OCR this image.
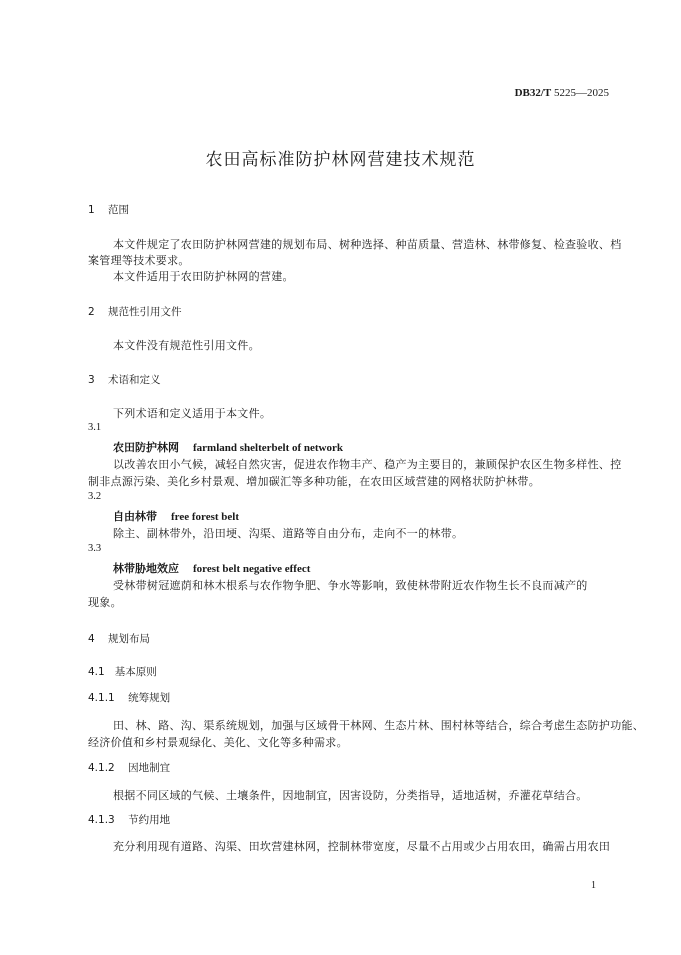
DB32/T 5225—2025
农田高标准防护林网营建技术规范
1 范围
本文件规定了农田防护林网营建的规划布局、树种选择、种苗质量、营造林、林带修复、检查验收、档
案管理等技术要求。
本文件适用于农田防护林网的营建。
2 规范性引用文件
本文件没有规范性引用文件。
3 术语和定义
下列术语和定义适用于本文件。
3.1
农田防护林网 farmland shelterbelt of network
以改善农田小气候，减轻自然灾害，促进农作物丰产、稳产为主要目的，兼顾保护农区生物多样性、控
制非点源污染、美化乡村景观、增加碳汇等多种功能，在农田区域营建的网格状防护林带。
3.2
自由林带 free forest belt
除主、副林带外，沿田埂、沟渠、道路等自由分布，走向不一的林带。
3.3
林带胁地效应 forest belt negative effect
受林带树冠遮荫和林木根系与农作物争肥、争水等影响，致使林带附近农作物生长不良而减产的
现象。
4 规划布局
4.1 基本原则
4.1.1 统筹规划
田、林、路、沟、渠系统规划，加强与区域骨干林网、生态片林、围村林等结合，综合考虑生态防护功能、
经济价值和乡村景观绿化、美化、文化等多种需求。
4.1.2 因地制宜
根据不同区域的气候、土壤条件，因地制宜，因害设防，分类指导，适地适树，乔灌花草结合。
4.1.3 节约用地
充分利用现有道路、沟渠、田坎营建林网，控制林带宽度，尽量不占用或少占用农田，确需占用农田
1
